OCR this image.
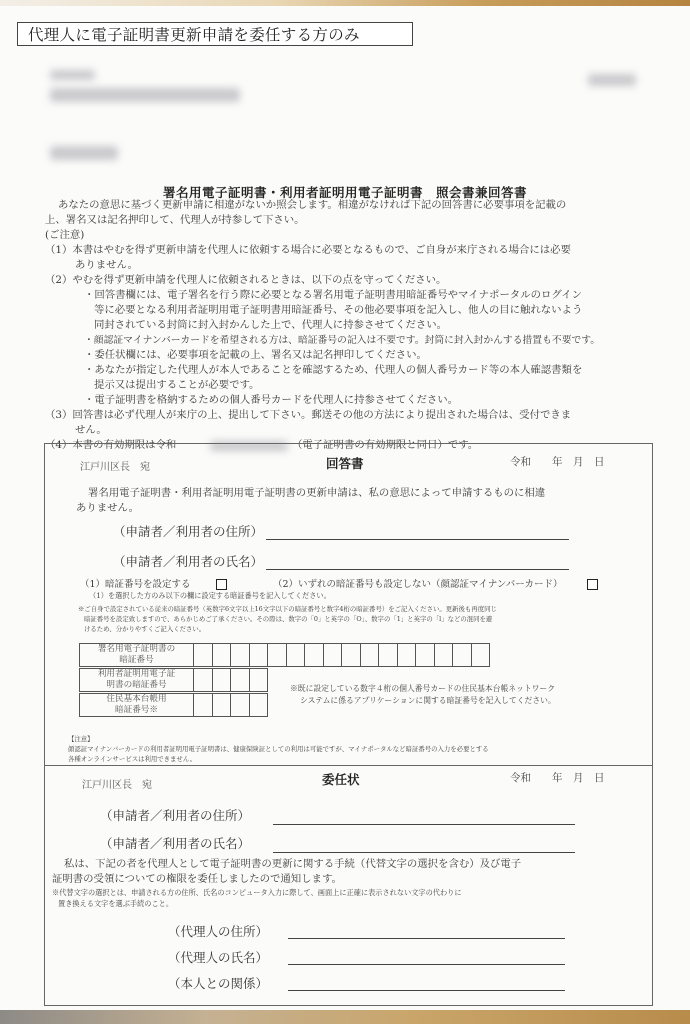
代理人に電子証明書更新申請を委任する方のみ
署名用電子証明書・利用者証明用電子証明書　照会書兼回答書
あなたの意思に基づく更新申請に相違がないか照会します。相違がなければ下記の回答書に必要事項を記載の
上、署名又は記名押印して、代理人が持参して下さい。
(ご注意)
（1）本書はやむを得ず更新申請を代理人に依頼する場合に必要となるもので、ご自身が来庁される場合には必要
ありません。
（2）やむを得ず更新申請を代理人に依頼されるときは、以下の点を守ってください。
・回答書欄には、電子署名を行う際に必要となる署名用電子証明書用暗証番号やマイナポータルのログイン
等に必要となる利用者証明用電子証明書用暗証番号、その他必要事項を記入し、他人の目に触れないよう
同封されている封筒に封入封かんした上で、代理人に持参させてください。
・顔認証マイナンバーカードを希望される方は、暗証番号の記入は不要です。封筒に封入封かんする措置も不要です。
・委任状欄には、必要事項を記載の上、署名又は記名押印してください。
・あなたが指定した代理人が本人であることを確認するため、代理人の個人番号カード等の本人確認書類を
提示又は提出することが必要です。
・電子証明書を格納するための個人番号カードを代理人に持参させてください。
（3）回答書は必ず代理人が来庁の上、提出して下さい。郵送その他の方法により提出された場合は、受付できま
せん。
（4）本書の有効期限は令和	（電子証明書の有効期限と同日）です。
江戸川区長　宛	回答書	令和　　年　月　日
署名用電子証明書・利用者証明用電子証明書の更新申請は、私の意思によって申請するものに相違
ありません。
（申請者／利用者の住所）
（申請者／利用者の氏名）
（1）暗証番号を設定する	（2）いずれの暗証番号も設定しない（顔認証マイナンバーカード）
（1）を選択した方のみ以下の欄に設定する暗証番号を記入してください。
※ご自身で設定されている従来の暗証番号（英数字6文字以上16文字以下の暗証番号と数字4桁の暗証番号）をご記入ください。更新後も再度同じ
暗証番号を設定致しますので、あらかじめご了承ください。その際は、数字の「0」と英字の「O」、数字の「1」と英字の「l」などの混同を避
けるため、分かりやすくご記入ください。
署名用電子証明書の
暗証番号

利用者証明用電子証
明書の暗証番号

住民基本台帳用
暗証番号※

※既に設定している数字４桁の個人番号カードの住民基本台帳ネットワーク
システムに係るアプリケーションに関する暗証番号を記入してください。
【注意】
顔認証マイナンバーカードの利用者証明用電子証明書は、健康保険証としての利用は可能ですが、マイナポータルなど暗証番号の入力を必要とする
各種オンラインサービスは利用できません。
江戸川区長　宛	委任状	令和　　年　月　日
（申請者／利用者の住所）
（申請者／利用者の氏名）
私は、下記の者を代理人として電子証明書の更新に関する手続（代替文字の選択を含む）及び電子
証明書の受領についての権限を委任しましたので通知します。
※代替文字の選択とは、申請される方の住所、氏名のコンピュータ入力に際して、画面上に正確に表示されない文字の代わりに
置き換える文字を選ぶ手続のこと。
（代理人の住所）
（代理人の氏名）
（本人との関係）
